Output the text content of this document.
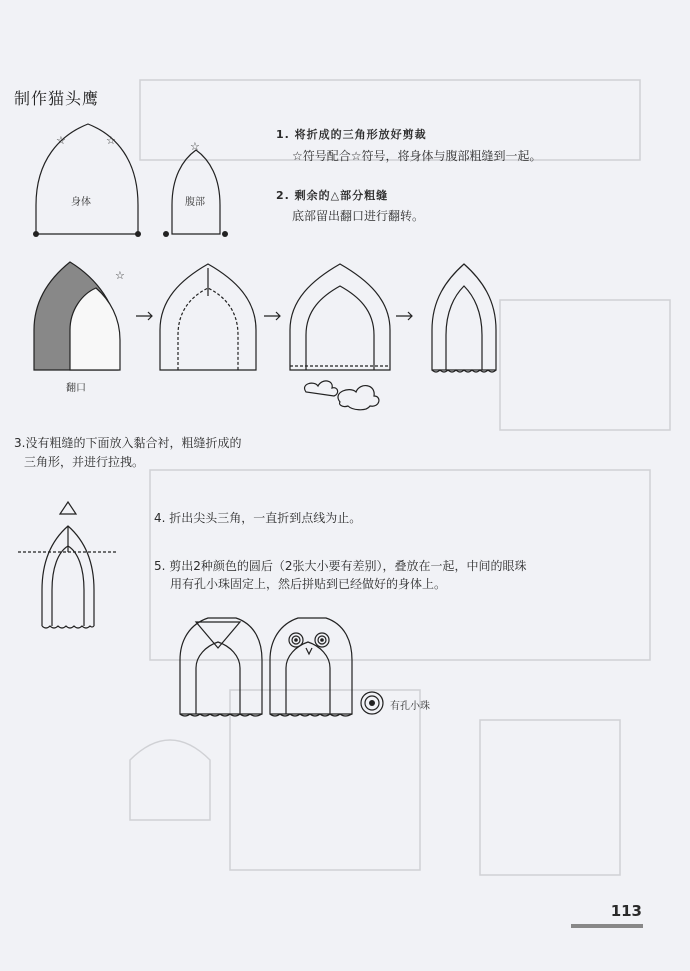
制作猫头鹰
☆	☆	☆
☆
身体	腹部
翻口
有孔小珠
1. 将折成的三角形放好剪裁
☆符号配合☆符号，将身体与腹部粗缝到一起。
2. 剩余的△部分粗缝
底部留出翻口进行翻转。
3.没有粗缝的下面放入黏合衬，粗缝折成的
三角形，并进行拉拽。
4. 折出尖头三角，一直折到点线为止。
5. 剪出2种颜色的圆后（2张大小要有差别），叠放在一起，中间的眼珠
用有孔小珠固定上，然后拼贴到已经做好的身体上。
113
